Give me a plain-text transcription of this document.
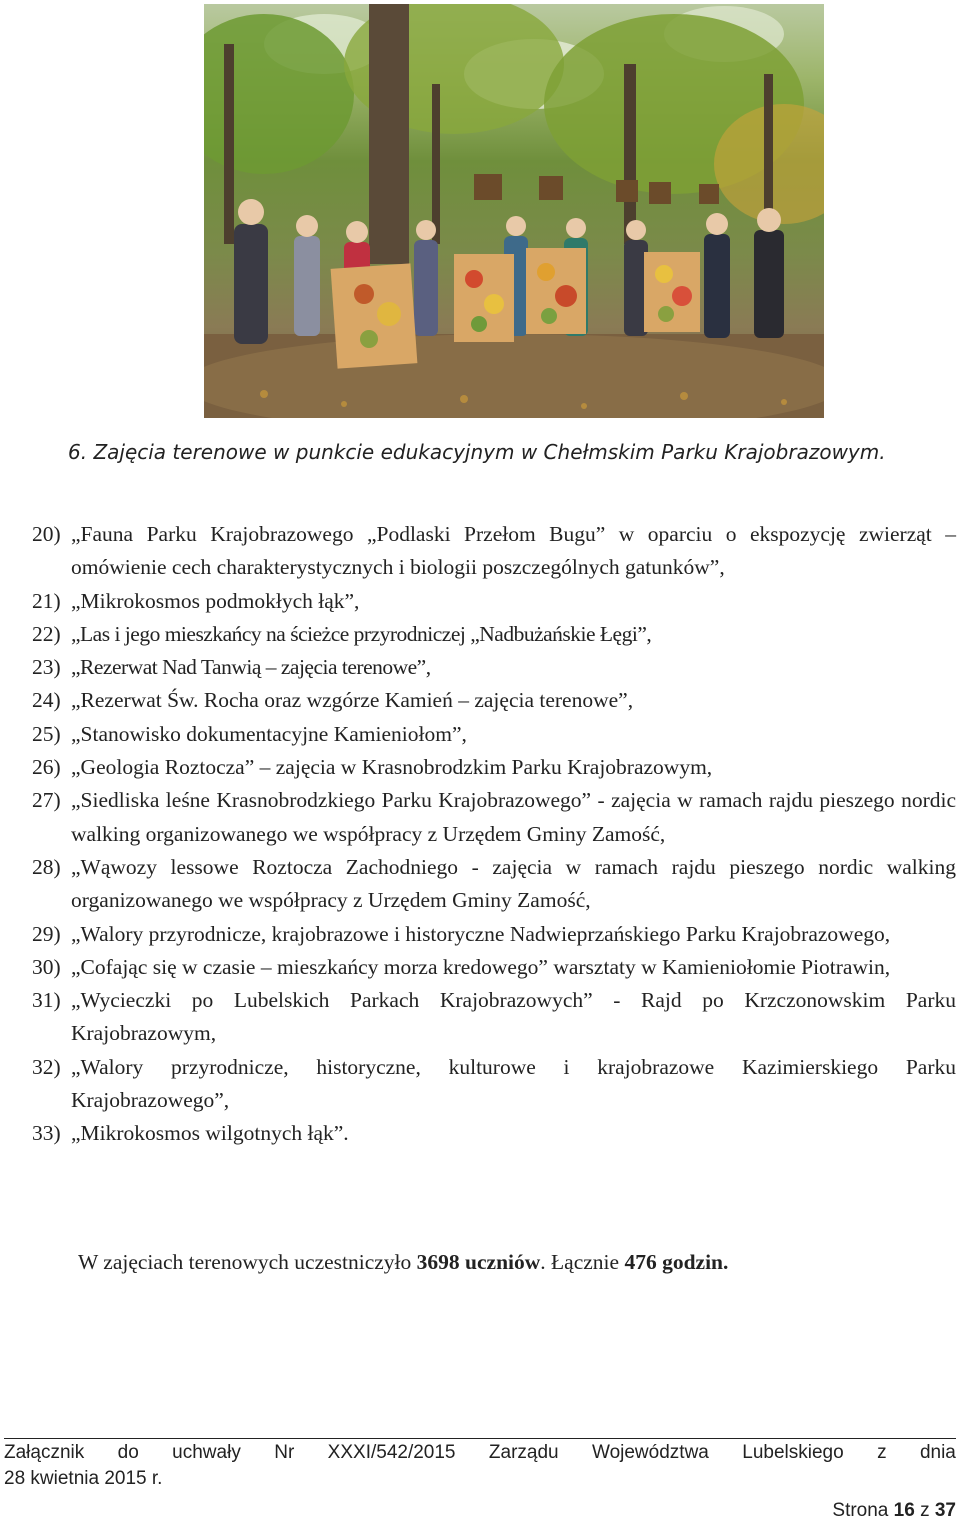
6. Zajęcia terenowe w punkcie edukacyjnym w Chełmskim Parku Krajobrazowym.
20) „Fauna Parku Krajobrazowego „Podlaski Przełom Bugu” w oparciu o ekspozycję zwierząt – omówienie cech charakterystycznych i biologii poszczególnych gatunków”,
21) „Mikrokosmos podmokłych łąk”,
22) „Las i jego mieszkańcy na ścieżce przyrodniczej „Nadbużańskie Łęgi”,
23) „Rezerwat Nad Tanwią – zajęcia terenowe”,
24) „Rezerwat Św. Rocha oraz wzgórze Kamień – zajęcia terenowe”,
25) „Stanowisko dokumentacyjne Kamieniołom”,
26) „Geologia Roztocza” – zajęcia w Krasnobrodzkim Parku Krajobrazowym,
27) „Siedliska leśne Krasnobrodzkiego Parku Krajobrazowego” - zajęcia w ramach rajdu pieszego nordic walking organizowanego we współpracy z Urzędem Gminy Zamość,
28) „Wąwozy lessowe Roztocza Zachodniego - zajęcia w ramach rajdu pieszego nordic walking organizowanego we współpracy z Urzędem Gminy Zamość,
29) „Walory przyrodnicze, krajobrazowe i historyczne Nadwieprzańskiego Parku Krajobrazowego,
30) „Cofając się w czasie – mieszkańcy morza kredowego” warsztaty w Kamieniołomie Piotrawin,
31) „Wycieczki po Lubelskich Parkach Krajobrazowych” - Rajd po Krzczonowskim Parku Krajobrazowym,
32) „Walory przyrodnicze, historyczne, kulturowe i krajobrazowe Kazimierskiego Parku Krajobrazowego”,
33) „Mikrokosmos wilgotnych łąk”.
W zajęciach terenowych uczestniczyło 3698 uczniów. Łącznie 476 godzin.
Załącznik do uchwały Nr XXXI/542/2015 Zarządu Województwa Lubelskiego z dnia
28 kwietnia 2015 r.
Strona 16 z 37
